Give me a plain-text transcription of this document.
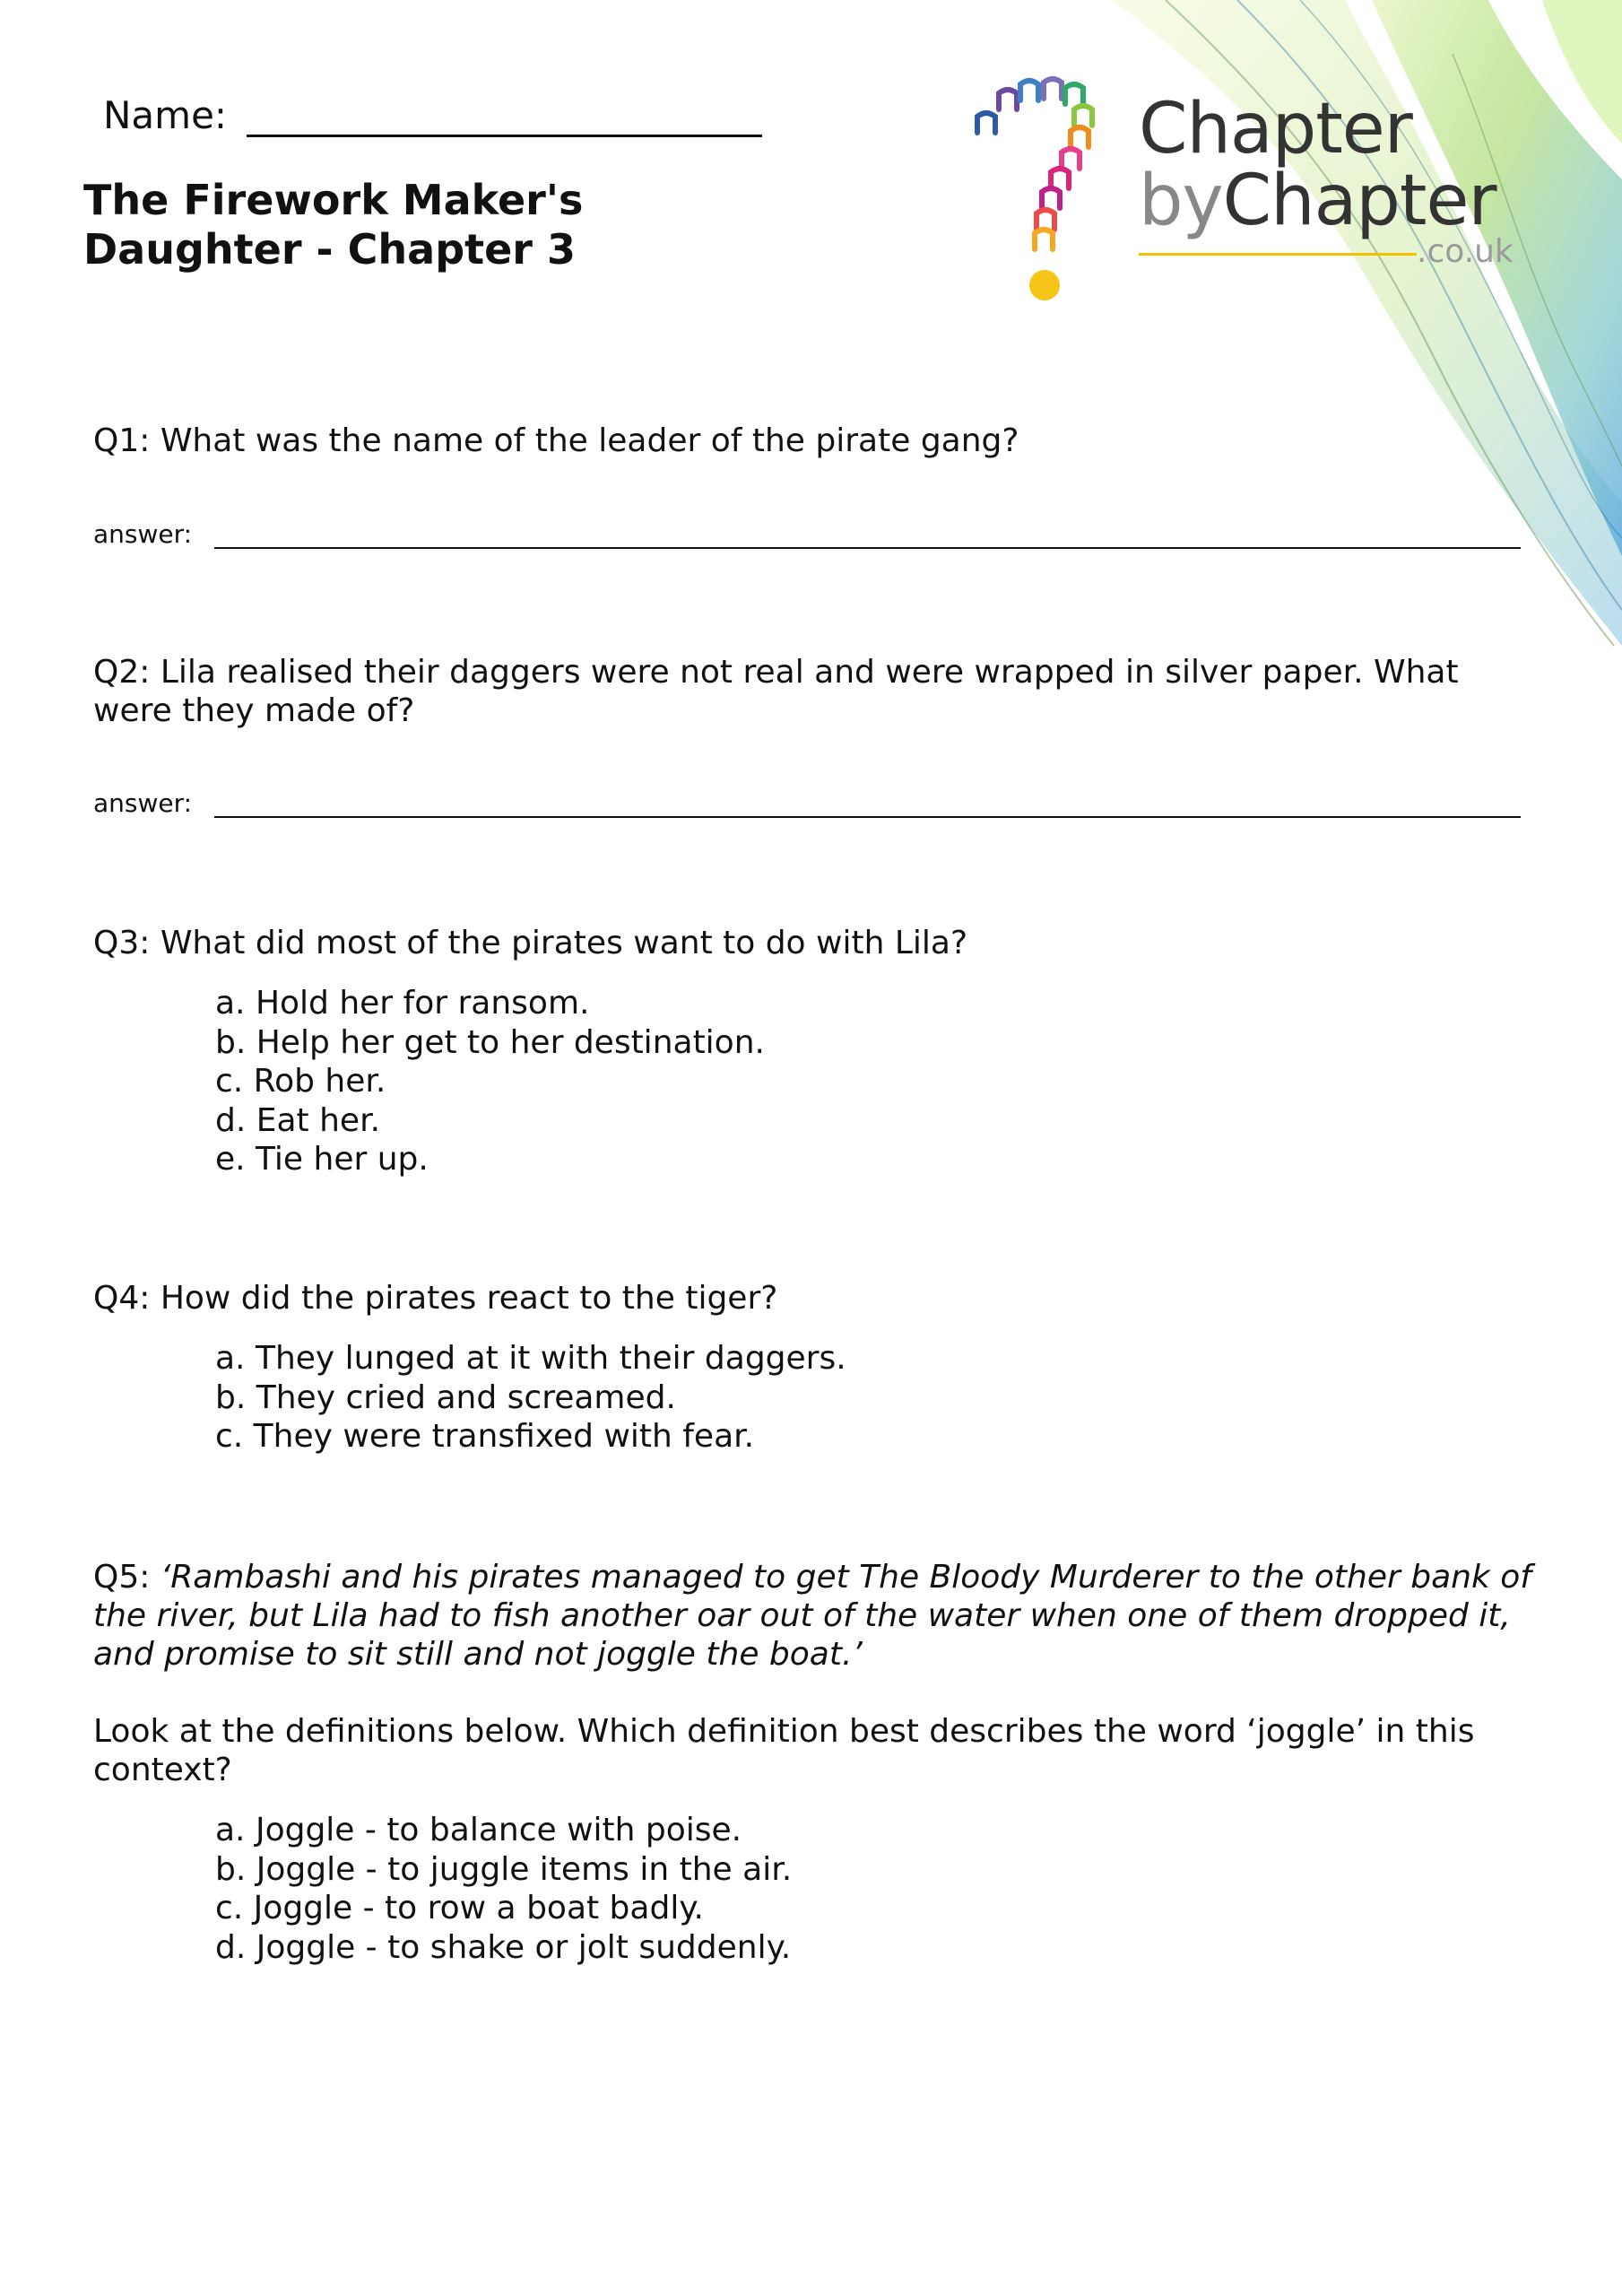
Name:
The Firework Maker's
Daughter - Chapter 3
Chapter
byChapter
.co.uk
Q1: What was the name of the leader of the pirate gang?
answer:
Q2: Lila realised their daggers were not real and were wrapped in silver paper. What were they made of?
answer:
Q3: What did most of the pirates want to do with Lila?
a. Hold her for ransom.
b. Help her get to her destination.
c. Rob her.
d. Eat her.
e. Tie her up.
Q4: How did the pirates react to the tiger?
a. They lunged at it with their daggers.
b. They cried and screamed.
c. They were transfixed with fear.
Q5: ‘Rambashi and his pirates managed to get The Bloody Murderer to the other bank of the river, but Lila had to fish another oar out of the water when one of them dropped it, and promise to sit still and not joggle the boat.’
Look at the definitions below. Which definition best describes the word ‘joggle’ in this context?
a. Joggle - to balance with poise.
b. Joggle - to juggle items in the air.
c. Joggle - to row a boat badly.
d. Joggle - to shake or jolt suddenly.
